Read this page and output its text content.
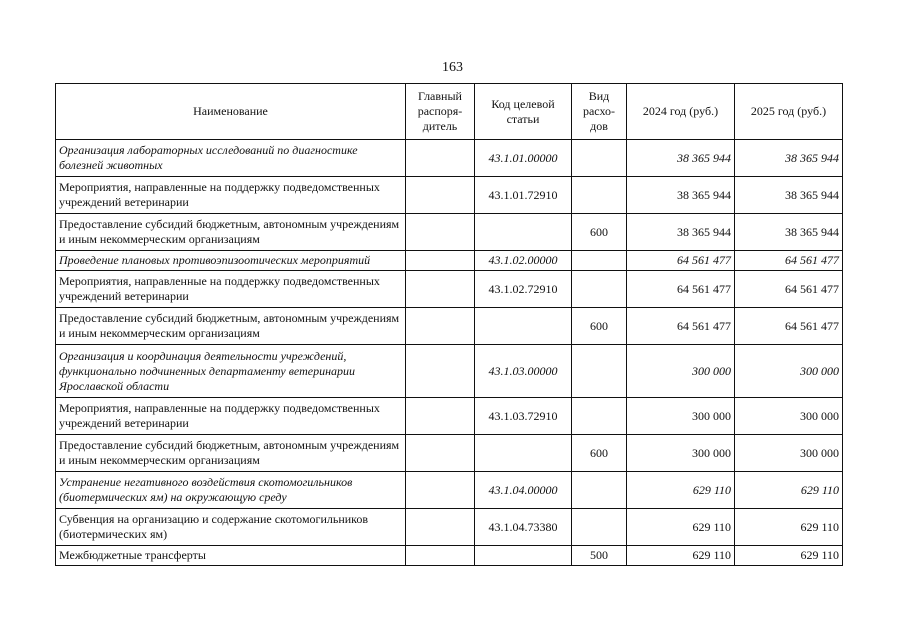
163
Наименование	Главный распоря-дитель	Код целевой статьи	Вид расхо-дов	2024 год (руб.)	2025 год (руб.)
Организация лабораторных исследований по диагностике болезней животных		43.1.01.00000		38 365 944	38 365 944
Мероприятия, направленные на поддержку подведомственных учреждений ветеринарии		43.1.01.72910		38 365 944	38 365 944
Предоставление субсидий бюджетным, автономным учреждениям и иным некоммерческим организациям			600	38 365 944	38 365 944
Проведение плановых противоэпизоотических мероприятий		43.1.02.00000		64 561 477	64 561 477
Мероприятия, направленные на поддержку подведомственных учреждений ветеринарии		43.1.02.72910		64 561 477	64 561 477
Предоставление субсидий бюджетным, автономным учреждениям и иным некоммерческим организациям			600	64 561 477	64 561 477
Организация и координация деятельности учреждений, функционально подчиненных департаменту ветеринарии Ярославской области		43.1.03.00000		300 000	300 000
Мероприятия, направленные на поддержку подведомственных учреждений ветеринарии		43.1.03.72910		300 000	300 000
Предоставление субсидий бюджетным, автономным учреждениям и иным некоммерческим организациям			600	300 000	300 000
Устранение негативного воздействия скотомогильников (биотермических ям) на окружающую среду		43.1.04.00000		629 110	629 110
Субвенция на организацию и содержание скотомогильников (биотермических ям)		43.1.04.73380		629 110	629 110
Межбюджетные трансферты			500	629 110	629 110
